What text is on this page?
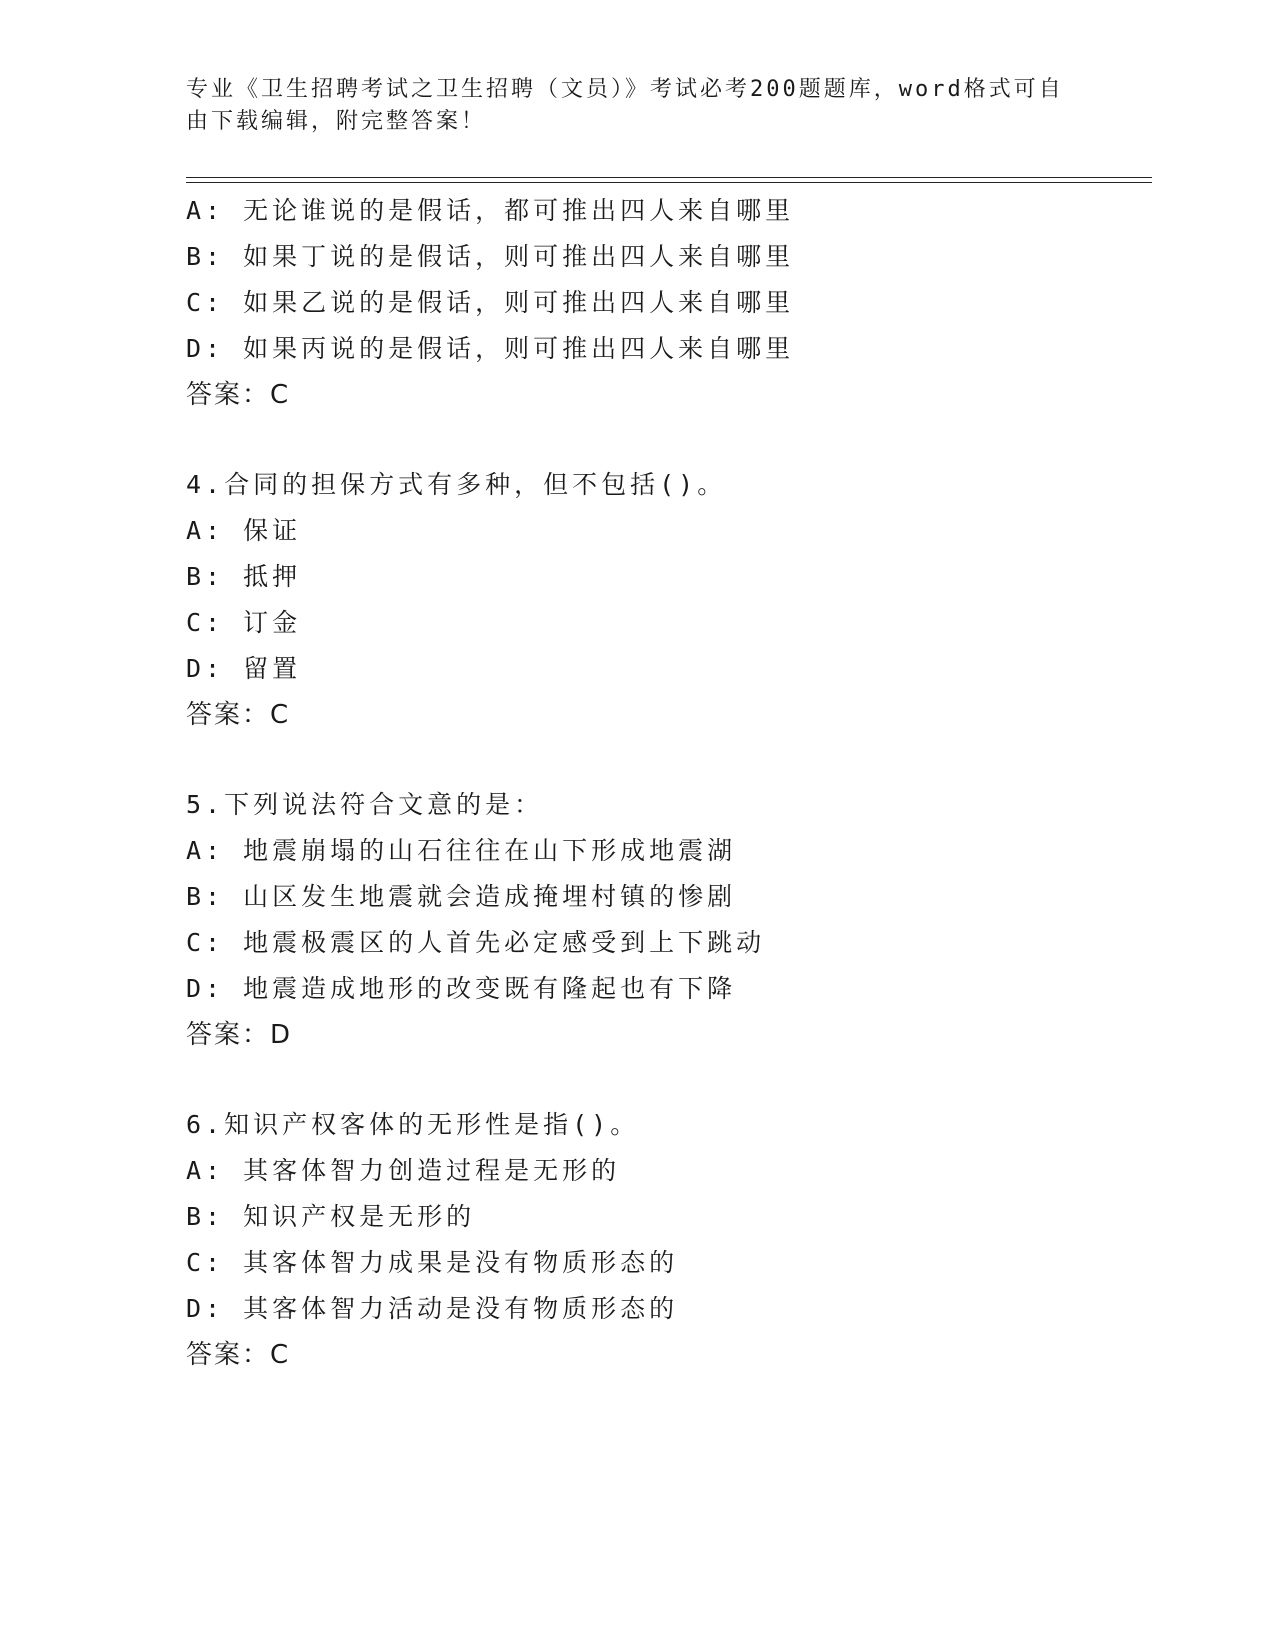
专业《卫生招聘考试之卫生招聘（文员）》考试必考200题题库，word格式可自由下载编辑，附完整答案！
A: 无论谁说的是假话，都可推出四人来自哪里
B: 如果丁说的是假话，则可推出四人来自哪里
C: 如果乙说的是假话，则可推出四人来自哪里
D: 如果丙说的是假话，则可推出四人来自哪里
答案：C
4.合同的担保方式有多种，但不包括()。
A: 保证
B: 抵押
C: 订金
D: 留置
答案：C
5.下列说法符合文意的是：
A: 地震崩塌的山石往往在山下形成地震湖
B: 山区发生地震就会造成掩埋村镇的惨剧
C: 地震极震区的人首先必定感受到上下跳动
D: 地震造成地形的改变既有隆起也有下降
答案：D
6.知识产权客体的无形性是指()。
A: 其客体智力创造过程是无形的
B: 知识产权是无形的
C: 其客体智力成果是没有物质形态的
D: 其客体智力活动是没有物质形态的
答案：C
